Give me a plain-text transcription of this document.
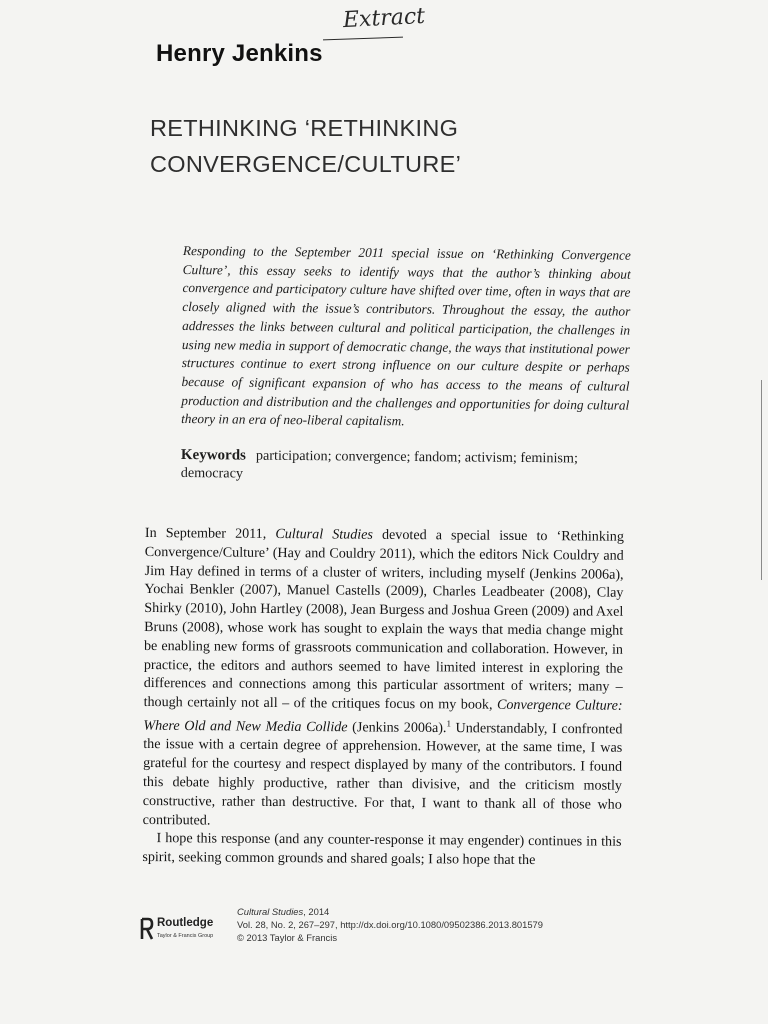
Extract
Henry Jenkins
RETHINKING ‘RETHINKING
CONVERGENCE/CULTURE’
Responding to the September 2011 special issue on ‘Rethinking Convergence Culture’, this essay seeks to identify ways that the author’s thinking about convergence and participatory culture have shifted over time, often in ways that are closely aligned with the issue’s contributors. Throughout the essay, the author addresses the links between cultural and political participation, the challenges in using new media in support of democratic change, the ways that institutional power structures continue to exert strong influence on our culture despite or perhaps because of significant expansion of who has access to the means of cultural production and distribution and the challenges and opportunities for doing cultural theory in an era of neo-liberal capitalism.
Keywords participation; convergence; fandom; activism; feminism; democracy

In September 2011, Cultural Studies devoted a special issue to ‘Rethinking Convergence/Culture’ (Hay and Couldry 2011), which the editors Nick Couldry and Jim Hay defined in terms of a cluster of writers, including myself (Jenkins 2006a), Yochai Benkler (2007), Manuel Castells (2009), Charles Leadbeater (2008), Clay Shirky (2010), John Hartley (2008), Jean Burgess and Joshua Green (2009) and Axel Bruns (2008), whose work has sought to explain the ways that media change might be enabling new forms of grassroots communication and collaboration. However, in practice, the editors and authors seemed to have limited interest in exploring the differences and connections among this particular assortment of writers; many – though certainly not all – of the critiques focus on my book, Convergence Culture: Where Old and New Media Collide (Jenkins 2006a).$^1$ Understandably, I confronted the issue with a certain degree of apprehension. However, at the same time, I was grateful for the courtesy and respect displayed by many of the contributors. I found this debate highly productive, rather than divisive, and the criticism mostly constructive, rather than destructive. For that, I want to thank all of those who contributed.

I hope this response (and any counter-response it may engender) continues in this spirit, seeking common grounds and shared goals; I also hope that the

Routledge
Taylor & Francis Group
Cultural Studies, 2014
Vol. 28, No. 2, 267–297, http://dx.doi.org/10.1080/09502386.2013.801579
© 2013 Taylor & Francis
